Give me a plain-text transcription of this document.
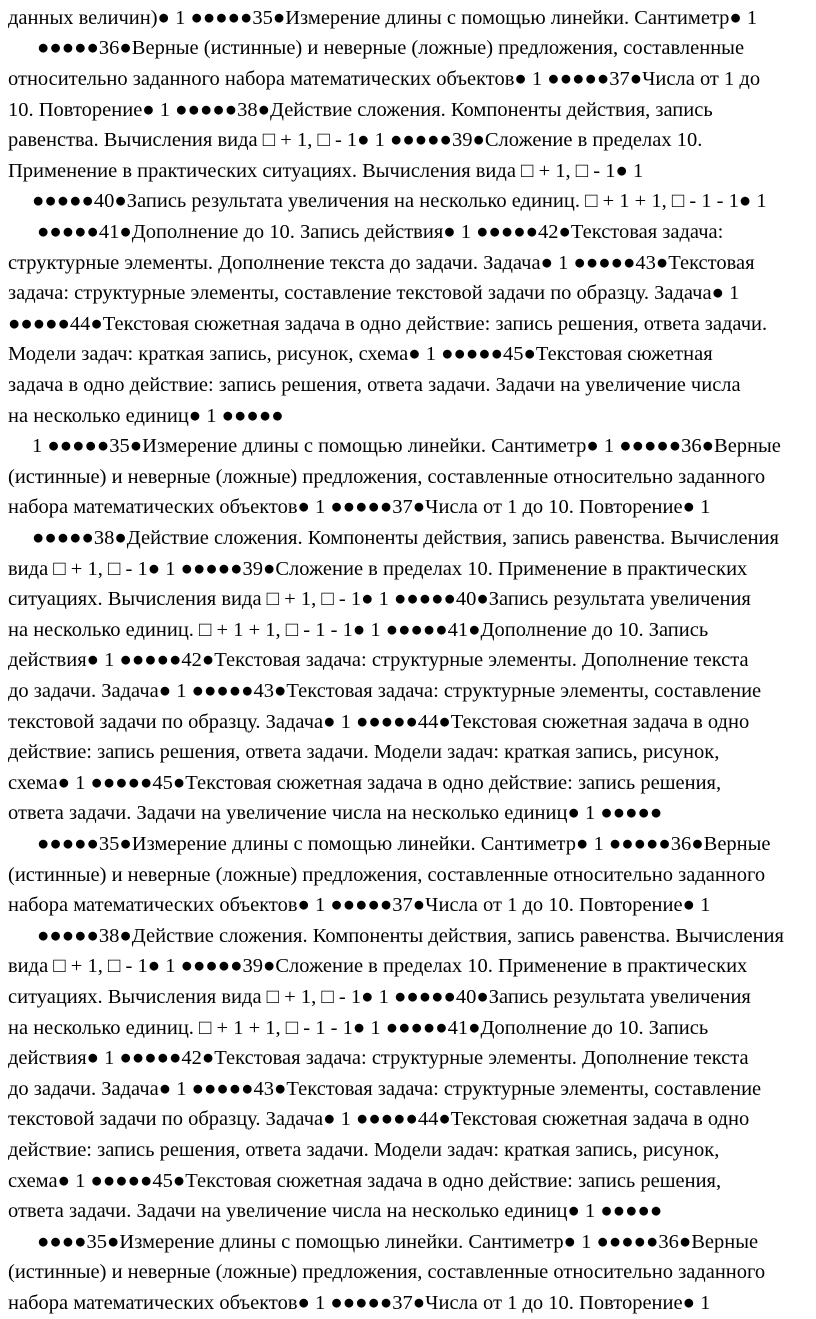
данных величин)● 1 ●●●●●35●Измерение длины с помощью линейки. Сантиметр● 1
●●●●●36●Верные (истинные) и неверные (ложные) предложения, составленные
относительно заданного набора математических объектов● 1 ●●●●●37●Числа от 1 до
10. Повторение● 1 ●●●●●38●Действие сложения. Компоненты действия, запись
равенства. Вычисления вида □ + 1, □ - 1● 1 ●●●●●39●Сложение в пределах 10.
Применение в практических ситуациях. Вычисления вида □ + 1, □ - 1● 1
●●●●●40●Запись результата увеличения на несколько единиц. □ + 1 + 1, □ - 1 - 1● 1
●●●●●41●Дополнение до 10. Запись действия● 1 ●●●●●42●Текстовая задача:
структурные элементы. Дополнение текста до задачи. Задача● 1 ●●●●●43●Текстовая
задача: структурные элементы, составление текстовой задачи по образцу. Задача● 1
●●●●●44●Текстовая сюжетная задача в одно действие: запись решения, ответа задачи.
Модели задач: краткая запись, рисунок, схема● 1 ●●●●●45●Текстовая сюжетная
задача в одно действие: запись решения, ответа задачи. Задачи на увеличение числа
на несколько единиц● 1 ●●●●●
1 ●●●●●35●Измерение длины с помощью линейки. Сантиметр● 1 ●●●●●36●Верные
(истинные) и неверные (ложные) предложения, составленные относительно заданного
набора математических объектов● 1 ●●●●●37●Числа от 1 до 10. Повторение● 1
●●●●●38●Действие сложения. Компоненты действия, запись равенства. Вычисления
вида □ + 1, □ - 1● 1 ●●●●●39●Сложение в пределах 10. Применение в практических
ситуациях. Вычисления вида □ + 1, □ - 1● 1 ●●●●●40●Запись результата увеличения
на несколько единиц. □ + 1 + 1, □ - 1 - 1● 1 ●●●●●41●Дополнение до 10. Запись
действия● 1 ●●●●●42●Текстовая задача: структурные элементы. Дополнение текста
до задачи. Задача● 1 ●●●●●43●Текстовая задача: структурные элементы, составление
текстовой задачи по образцу. Задача● 1 ●●●●●44●Текстовая сюжетная задача в одно
действие: запись решения, ответа задачи. Модели задач: краткая запись, рисунок,
схема● 1 ●●●●●45●Текстовая сюжетная задача в одно действие: запись решения,
ответа задачи. Задачи на увеличение числа на несколько единиц● 1 ●●●●●
●●●●●35●Измерение длины с помощью линейки. Сантиметр● 1 ●●●●●36●Верные
(истинные) и неверные (ложные) предложения, составленные относительно заданного
набора математических объектов● 1 ●●●●●37●Числа от 1 до 10. Повторение● 1
●●●●●38●Действие сложения. Компоненты действия, запись равенства. Вычисления
вида □ + 1, □ - 1● 1 ●●●●●39●Сложение в пределах 10. Применение в практических
ситуациях. Вычисления вида □ + 1, □ - 1● 1 ●●●●●40●Запись результата увеличения
на несколько единиц. □ + 1 + 1, □ - 1 - 1● 1 ●●●●●41●Дополнение до 10. Запись
действия● 1 ●●●●●42●Текстовая задача: структурные элементы. Дополнение текста
до задачи. Задача● 1 ●●●●●43●Текстовая задача: структурные элементы, составление
текстовой задачи по образцу. Задача● 1 ●●●●●44●Текстовая сюжетная задача в одно
действие: запись решения, ответа задачи. Модели задач: краткая запись, рисунок,
схема● 1 ●●●●●45●Текстовая сюжетная задача в одно действие: запись решения,
ответа задачи. Задачи на увеличение числа на несколько единиц● 1 ●●●●●
●●●●35●Измерение длины с помощью линейки. Сантиметр● 1 ●●●●●36●Верные
(истинные) и неверные (ложные) предложения, составленные относительно заданного
набора математических объектов● 1 ●●●●●37●Числа от 1 до 10. Повторение● 1
